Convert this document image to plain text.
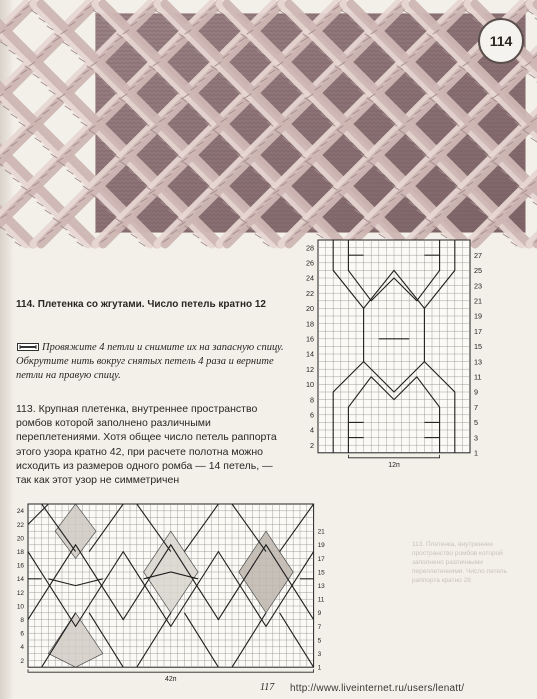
114
28
26
24
22
20
18
16
14
12
10
8
6
4
2
27
25
23
21
19
17
15
13
11
9
7
5
3
1
12п
114. Плетенка со жгутами. Число петель кратно 12
Провяжите 4 петли и снимите их на запасную спицу. Обкрутите нить вокруг снятых петель 4 раза и верните петли на правую спицу.
113. Крупная плетенка, внутреннее пространство ромбов которой заполнено различными переплетениями. Хотя общее число петель раппорта этого узора кратно 42, при расчете полотна можно исходить из размеров одного ромба — 14 петель, — так как этот узор не симметричен
24
22
20
18
16
14
12
10
8
6
4
2
21
19
17
15
13
11
9
7
5
3
1
42п
113. Плетенка, внутреннее пространство ромбов которой заполнено различными переплетениями. Число петель раппорта кратно 28
117 http://www.liveinternet.ru/users/lenatt/
